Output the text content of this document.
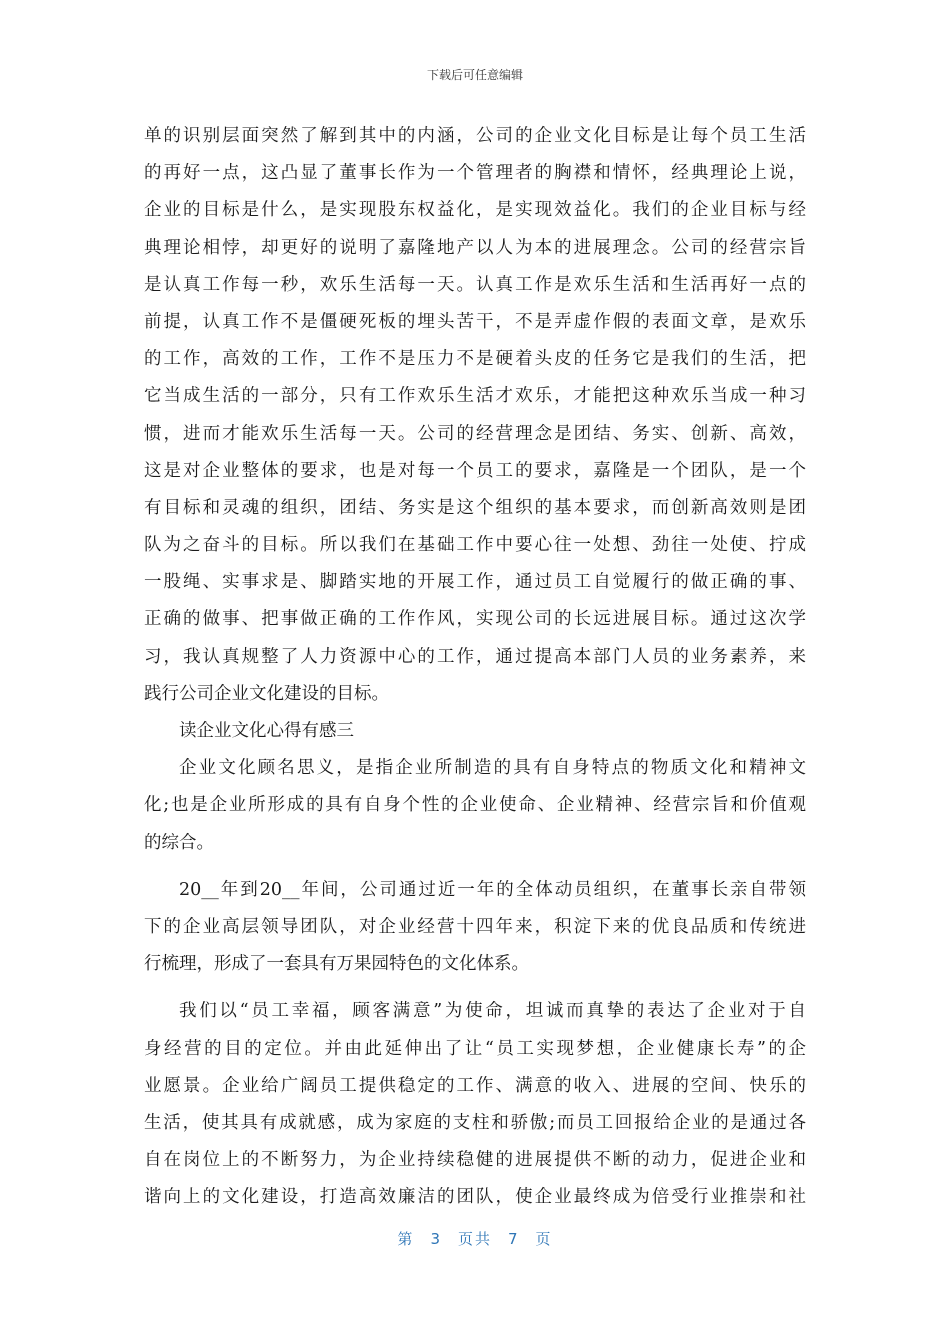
下载后可任意编辑
单的识别层面突然了解到其中的内涵，公司的企业文化目标是让每个员工生活
的再好一点，这凸显了董事长作为一个管理者的胸襟和情怀，经典理论上说，
企业的目标是什么，是实现股东权益化，是实现效益化。我们的企业目标与经
典理论相悖，却更好的说明了嘉隆地产以人为本的进展理念。公司的经营宗旨
是认真工作每一秒，欢乐生活每一天。认真工作是欢乐生活和生活再好一点的
前提，认真工作不是僵硬死板的埋头苦干，不是弄虚作假的表面文章，是欢乐
的工作，高效的工作，工作不是压力不是硬着头皮的任务它是我们的生活，把
它当成生活的一部分，只有工作欢乐生活才欢乐，才能把这种欢乐当成一种习
惯，进而才能欢乐生活每一天。公司的经营理念是团结、务实、创新、高效，
这是对企业整体的要求，也是对每一个员工的要求，嘉隆是一个团队，是一个
有目标和灵魂的组织，团结、务实是这个组织的基本要求，而创新高效则是团
队为之奋斗的目标。所以我们在基础工作中要心往一处想、劲往一处使、拧成
一股绳、实事求是、脚踏实地的开展工作，通过员工自觉履行的做正确的事、
正确的做事、把事做正确的工作作风，实现公司的长远进展目标。通过这次学
习，我认真规整了人力资源中心的工作，通过提高本部门人员的业务素养，来
践行公司企业文化建设的目标。
读企业文化心得有感三
企业文化顾名思义，是指企业所制造的具有自身特点的物质文化和精神文
化;也是企业所形成的具有自身个性的企业使命、企业精神、经营宗旨和价值观
的综合。
20__年到20__年间，公司通过近一年的全体动员组织，在董事长亲自带领
下的企业高层领导团队，对企业经营十四年来，积淀下来的优良品质和传统进
行梳理，形成了一套具有万果园特色的文化体系。
我们以“员工幸福，顾客满意”为使命，坦诚而真挚的表达了企业对于自
身经营的目的定位。并由此延伸出了让“员工实现梦想，企业健康长寿”的企
业愿景。企业给广阔员工提供稳定的工作、满意的收入、进展的空间、快乐的
生活，使其具有成就感，成为家庭的支柱和骄傲;而员工回报给企业的是通过各
自在岗位上的不断努力，为企业持续稳健的进展提供不断的动力，促进企业和
谐向上的文化建设，打造高效廉洁的团队，使企业最终成为倍受行业推崇和社
第 3 页共 7 页
